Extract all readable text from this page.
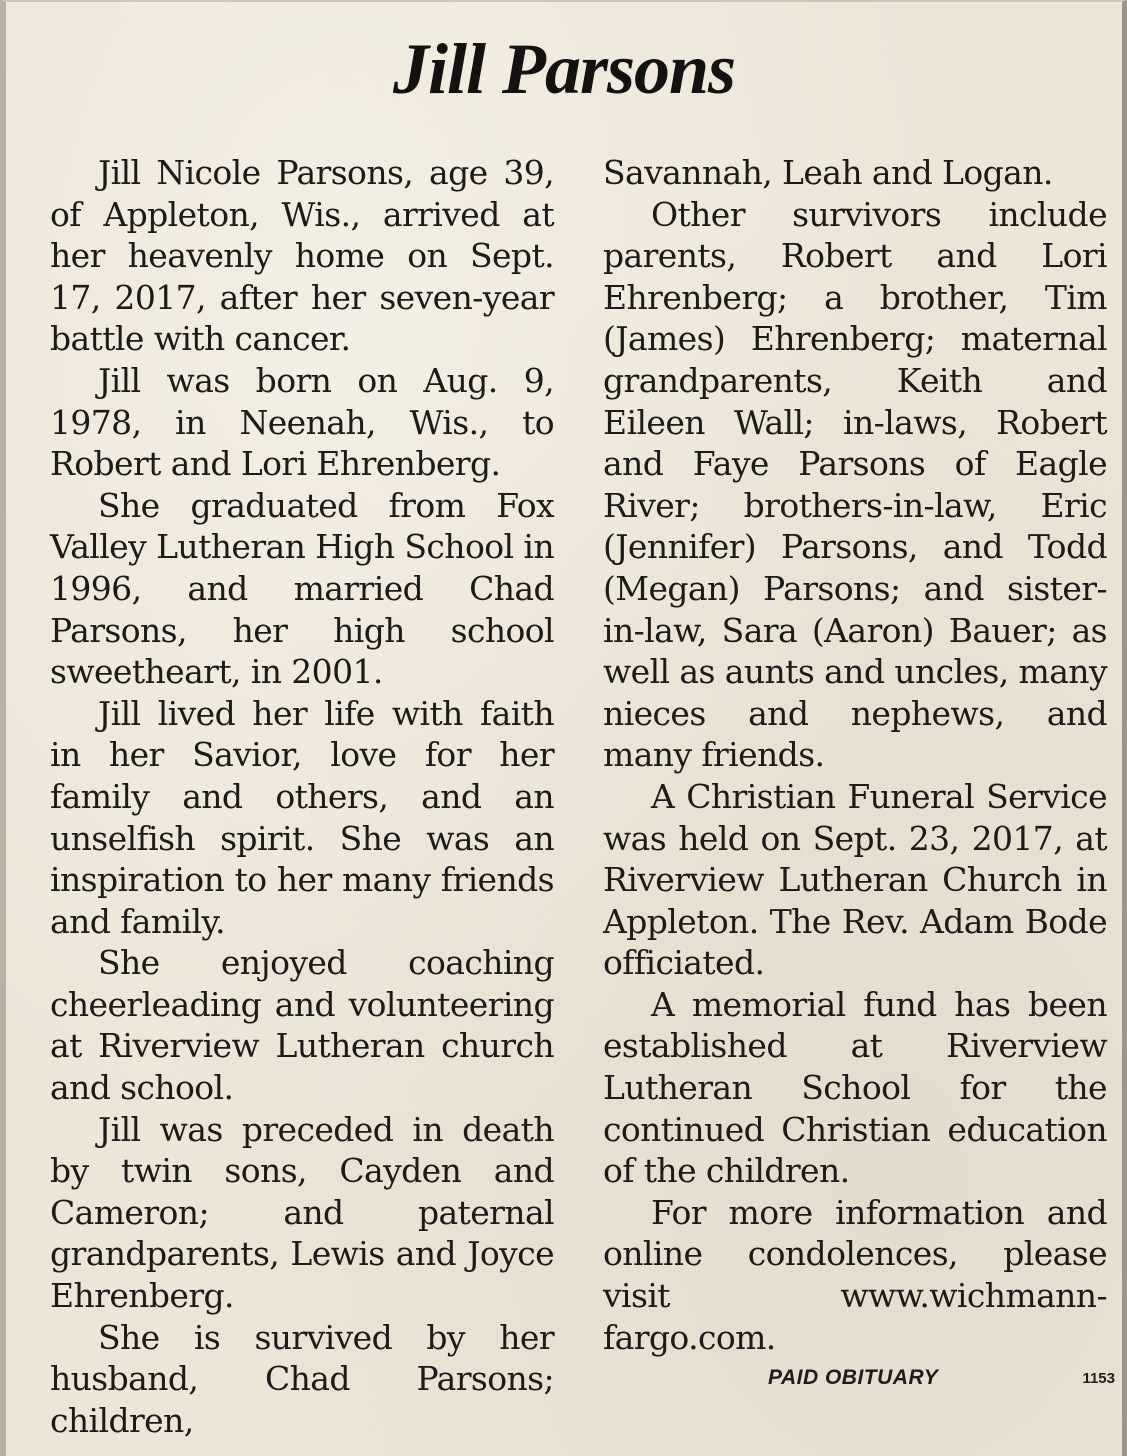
Jill Parsons

Jill Nicole Parsons, age 39, of Appleton, Wis., arrived at her heavenly home on Sept. 17, 2017, after her seven-year battle with cancer.

Jill was born on Aug. 9, 1978, in Neenah, Wis., to Robert and Lori Ehrenberg.

She graduated from Fox Valley Lutheran High School in 1996, and married Chad Parsons, her high school sweetheart, in 2001.

Jill lived her life with faith in her Savior, love for her family and others, and an unselfish spirit. She was an inspiration to her many friends and family.

She enjoyed coaching cheerleading and volunteering at Riverview Lutheran church and school.

Jill was preceded in death by twin sons, Cayden and Cameron; and paternal grandparents, Lewis and Joyce Ehrenberg.

She is survived by her husband, Chad Parsons; children,

Savannah, Leah and Logan.

Other survivors include parents, Robert and Lori Ehrenberg; a brother, Tim (James) Ehrenberg; maternal grandparents, Keith and Eileen Wall; in-laws, Robert and Faye Parsons of Eagle River; brothers-in-law, Eric (Jennifer) Parsons, and Todd (Megan) Parsons; and sister-in-law, Sara (Aaron) Bauer; as well as aunts and uncles, many nieces and nephews, and many friends.

A Christian Funeral Service was held on Sept. 23, 2017, at Riverview Lutheran Church in Appleton. The Rev. Adam Bode officiated.

A memorial fund has been established at Riverview Lutheran School for the continued Christian education of the children.

For more information and online condolences, please visit www.wichmann-fargo.com.

PAID OBITUARY	1153
